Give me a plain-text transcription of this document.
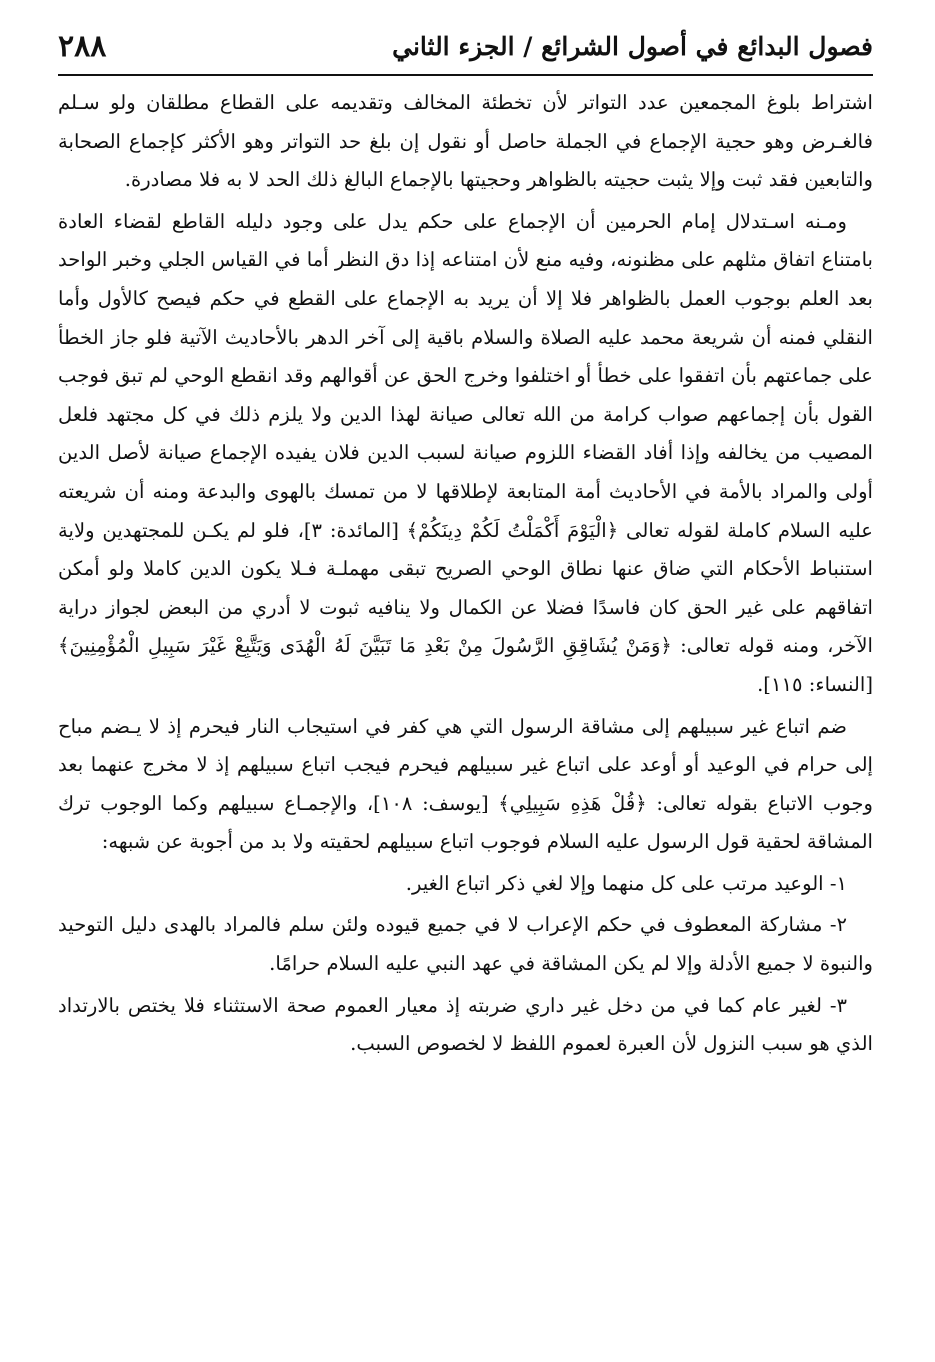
فصول البدائع في أصول الشرائع / الجزء الثاني
٢٨٨

اشتراط بلوغ المجمعين عدد التواتر لأن تخطئة المخالف وتقديمه على القطاع مطلقان ولو سـلم فالغـرض وهو حجية الإجماع في الجملة حاصل أو نقول إن بلغ حد التواتر وهو الأكثر كإجماع الصحابة والتابعين فقد ثبت وإلا يثبت حجيته بالظواهر وحجيتها بالإجماع البالغ ذلك الحد لا به فلا مصادرة.

ومـنه اسـتدلال إمام الحرمين أن الإجماع على حكم يدل على وجود دليله القاطع لقضاء العادة بامتناع اتفاق مثلهم على مظنونه، وفيه منع لأن امتناعه إذا دق النظر أما في القياس الجلي وخبر الواحد بعد العلم بوجوب العمل بالظواهر فلا إلا أن يريد به الإجماع على القطع في حكم فيصح كالأول وأما النقلي فمنه أن شريعة محمد عليه الصلاة والسلام باقية إلى آخر الدهر بالأحاديث الآتية فلو جاز الخطأ على جماعتهم بأن اتفقوا على خطأ أو اختلفوا وخرج الحق عن أقوالهم وقد انقطع الوحي لم تبق فوجب القول بأن إجماعهم صواب كرامة من الله تعالى صيانة لهذا الدين ولا يلزم ذلك في كل مجتهد فلعل المصيب من يخالفه وإذا أفاد القضاء اللزوم صيانة لسبب الدين فلان يفيده الإجماع صيانة لأصل الدين أولى والمراد بالأمة في الأحاديث أمة المتابعة لإطلاقها لا من تمسك بالهوى والبدعة ومنه أن شريعته عليه السلام كاملة لقوله تعالى ﴿الْيَوْمَ أَكْمَلْتُ لَكُمْ دِينَكُمْ﴾ [المائدة: ٣]، فلو لم يكـن للمجتهدين ولاية استنباط الأحكام التي ضاق عنها نطاق الوحي الصريح تبقى مهملـة فـلا يكون الدين كاملا ولو أمكن اتفاقهم على غير الحق كان فاسدًا فضلا عن الكمال ولا ينافيه ثبوت لا أدري من البعض لجواز دراية الآخر، ومنه قوله تعالى: ﴿وَمَنْ يُشَاقِقِ الرَّسُولَ مِنْ بَعْدِ مَا تَبَيَّنَ لَهُ الْهُدَى وَيَتَّبِعْ غَيْرَ سَبِيلِ الْمُؤْمِنِينَ﴾ [النساء: ١١٥].

ضم اتباع غير سبيلهم إلى مشاقة الرسول التي هي كفر في استيجاب النار فيحرم إذ لا يـضم مباح إلى حرام في الوعيد أو أوعد على اتباع غير سبيلهم فيحرم فيجب اتباع سبيلهم إذ لا مخرج عنهما بعد وجوب الاتباع بقوله تعالى: ﴿قُلْ هَذِهِ سَبِيلِي﴾ [يوسف: ١٠٨]، والإجمـاع سبيلهم وكما الوجوب ترك المشاقة لحقية قول الرسول عليه السلام فوجوب اتباع سبيلهم لحقيته ولا بد من أجوبة عن شبهه:

١- الوعيد مرتب على كل منهما وإلا لغي ذكر اتباع الغير.

٢- مشاركة المعطوف في حكم الإعراب لا في جميع قيوده ولئن سلم فالمراد بالهدى دليل التوحيد والنبوة لا جميع الأدلة وإلا لم يكن المشاقة في عهد النبي عليه السلام حرامًا.

٣- لغير عام كما في من دخل غير داري ضربته إذ معيار العموم صحة الاستثناء فلا يختص بالارتداد الذي هو سبب النزول لأن العبرة لعموم اللفظ لا لخصوص السبب.
